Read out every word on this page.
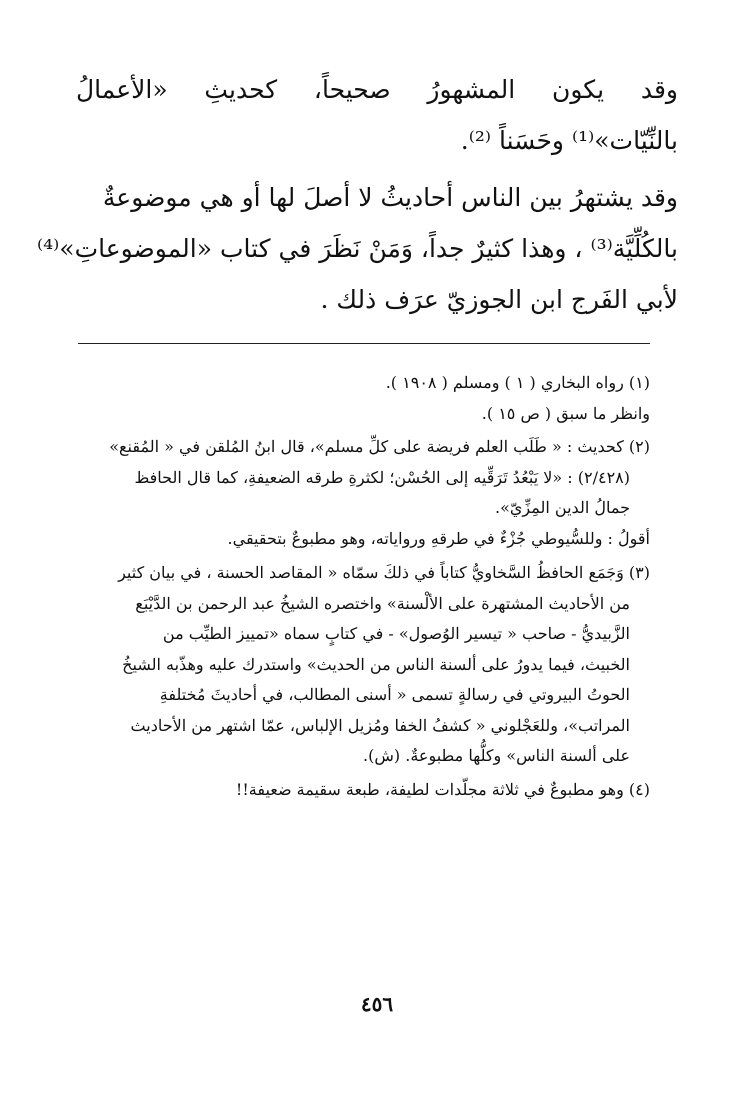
وقد يكون المشهورُ صحيحاً، كحديثِ «الأعمالُ
بالنِّيّات»⁽¹⁾ وحَسَناً ⁽²⁾.

وقد يشتهرُ بين الناس أحاديثُ لا أصلَ لها أو هي موضوعةٌ
بالكُلِّيَّة⁽³⁾ ، وهذا كثيرٌ جداً، وَمَنْ نَظَرَ في كتاب «الموضوعاتِ»⁽⁴⁾
لأبي الفَرج ابن الجوزيّ عرَف ذلك .

(١) رواه البخاري ( ١ ) ومسلم ( ١٩٠٨ ).
وانظر ما سبق ( ص ١٥ ).
(٢) كحديث : « طَلَب العلم فريضة على كلِّ مسلم»، قال ابنُ المُلقن في « المُقنع»
(٢/٤٢٨) : «لا يَبْعُدُ تَرَقِّيه إلى الحُسْن؛ لكثرةِ طرقه الضعيفةِ، كما قال الحافظ
جمالُ الدين المِزِّيّ».
أقولُ : وللسُّيوطي جُزْءٌ في طرقهِ ورواياته، وهو مطبوعٌ بتحقيقي.
(٣) وَجَمَع الحافظُ السَّخاويُّ كتاباً في ذلكَ سمّاه « المقاصد الحسنة ، في بيان كثير
من الأحاديث المشتهرة على الألْسنة» واختصره الشيخُ عبد الرحمن بن الدَّيْبَع
الزَّبيديُّ - صاحب « تيسير الوُصول» - في كتابٍ سماه «تمييز الطيِّب من
الخبيث، فيما يدورُ على ألسنة الناس من الحديث» واستدرك عليه وهذّبه الشيخُ
الحوتُ البيروتي في رسالةٍ تسمى « أسنى المطالب، في أحاديثَ مُختلفةِ
المراتب»، وللعَجْلوني « كشفُ الخفا ومُزيل الإلباس، عمّا اشتهر من الأحاديث
على ألسنة الناس» وكلُّها مطبوعةٌ. (ش).
(٤) وهو مطبوعٌ في ثلاثة مجلّدات لطيفة، طبعة سقيمة ضعيفة!!
٤٥٦
